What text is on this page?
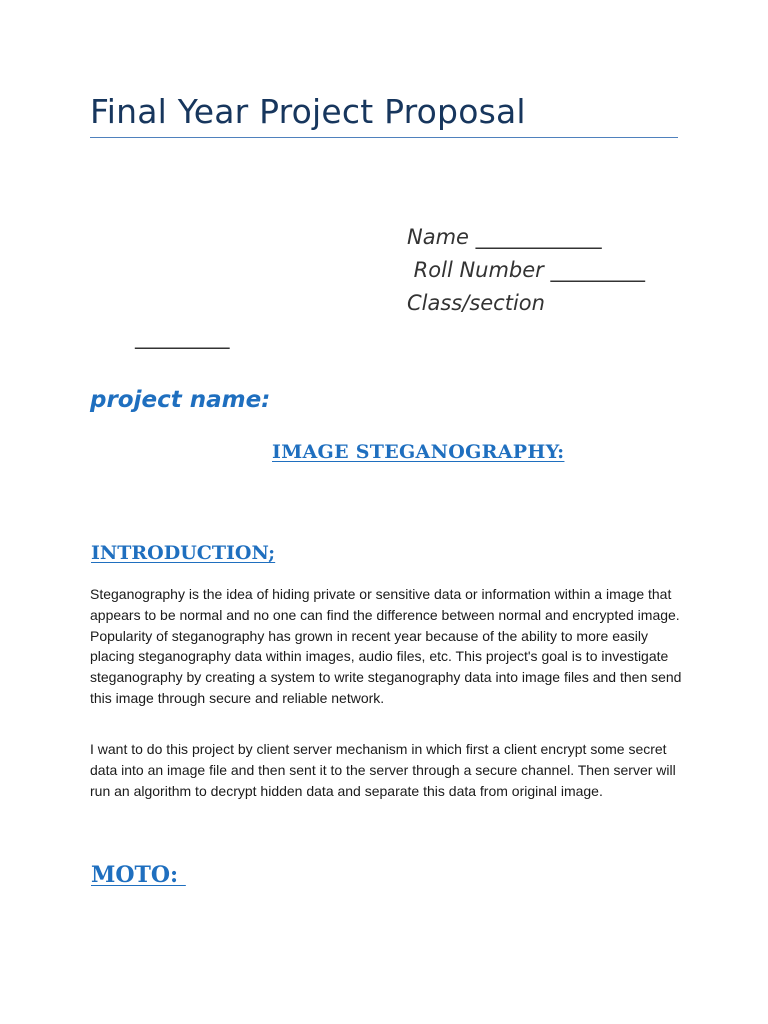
Final Year Project Proposal

Name ____________

Roll Number _________

Class/section

_________

project name:
IMAGE STEGANOGRAPHY:
INTRODUCTION;

Steganography is the idea of hiding private or sensitive data or information within a image that appears to be normal and no one can find the difference between normal and encrypted image. Popularity of steganography has grown in recent year because of the ability to more easily placing steganography data within images, audio files, etc. This project's goal is to investigate steganography by creating a system to write steganography data into image files and then send this image through secure and reliable network.

I want to do this project by client server mechanism in which first a client encrypt some secret data into an image file and then sent it to the server through a secure channel. Then server will run an algorithm to decrypt hidden data and separate this data from original image.

MOTO:
